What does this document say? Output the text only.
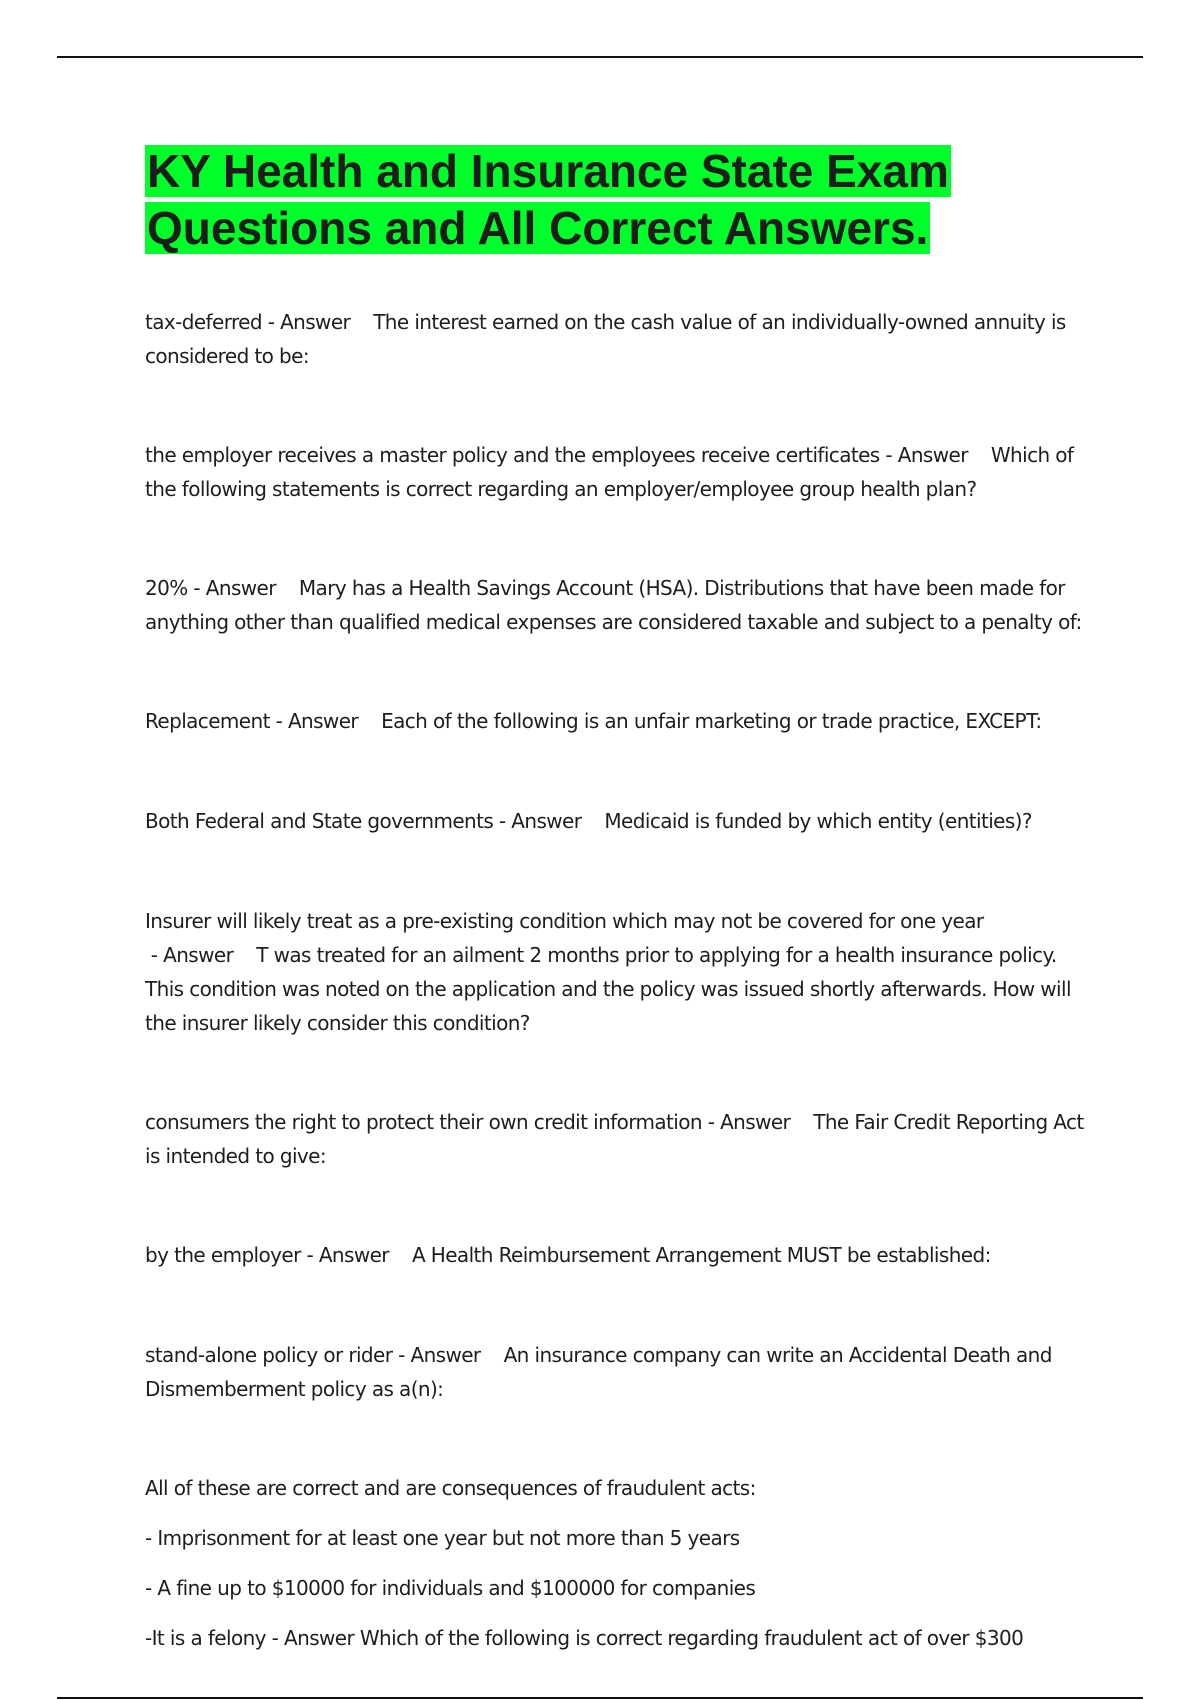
KY Health and Insurance State Exam
Questions and All Correct Answers.

tax-deferred - Answer    The interest earned on the cash value of an individually-owned annuity is considered to be:

the employer receives a master policy and the employees receive certificates - Answer    Which of the following statements is correct regarding an employer/employee group health plan?

20% - Answer    Mary has a Health Savings Account (HSA). Distributions that have been made for anything other than qualified medical expenses are considered taxable and subject to a penalty of:

Replacement - Answer    Each of the following is an unfair marketing or trade practice, EXCEPT:

Both Federal and State governments - Answer    Medicaid is funded by which entity (entities)?

Insurer will likely treat as a pre-existing condition which may not be covered for one year - Answer    T was treated for an ailment 2 months prior to applying for a health insurance policy. This condition was noted on the application and the policy was issued shortly afterwards. How will the insurer likely consider this condition?

consumers the right to protect their own credit information - Answer    The Fair Credit Reporting Act is intended to give:

by the employer - Answer    A Health Reimbursement Arrangement MUST be established:

stand-alone policy or rider - Answer    An insurance company can write an Accidental Death and Dismemberment policy as a(n):

All of these are correct and are consequences of fraudulent acts:

- Imprisonment for at least one year but not more than 5 years

- A fine up to $10000 for individuals and $100000 for companies

-It is a felony - Answer Which of the following is correct regarding fraudulent act of over $300
